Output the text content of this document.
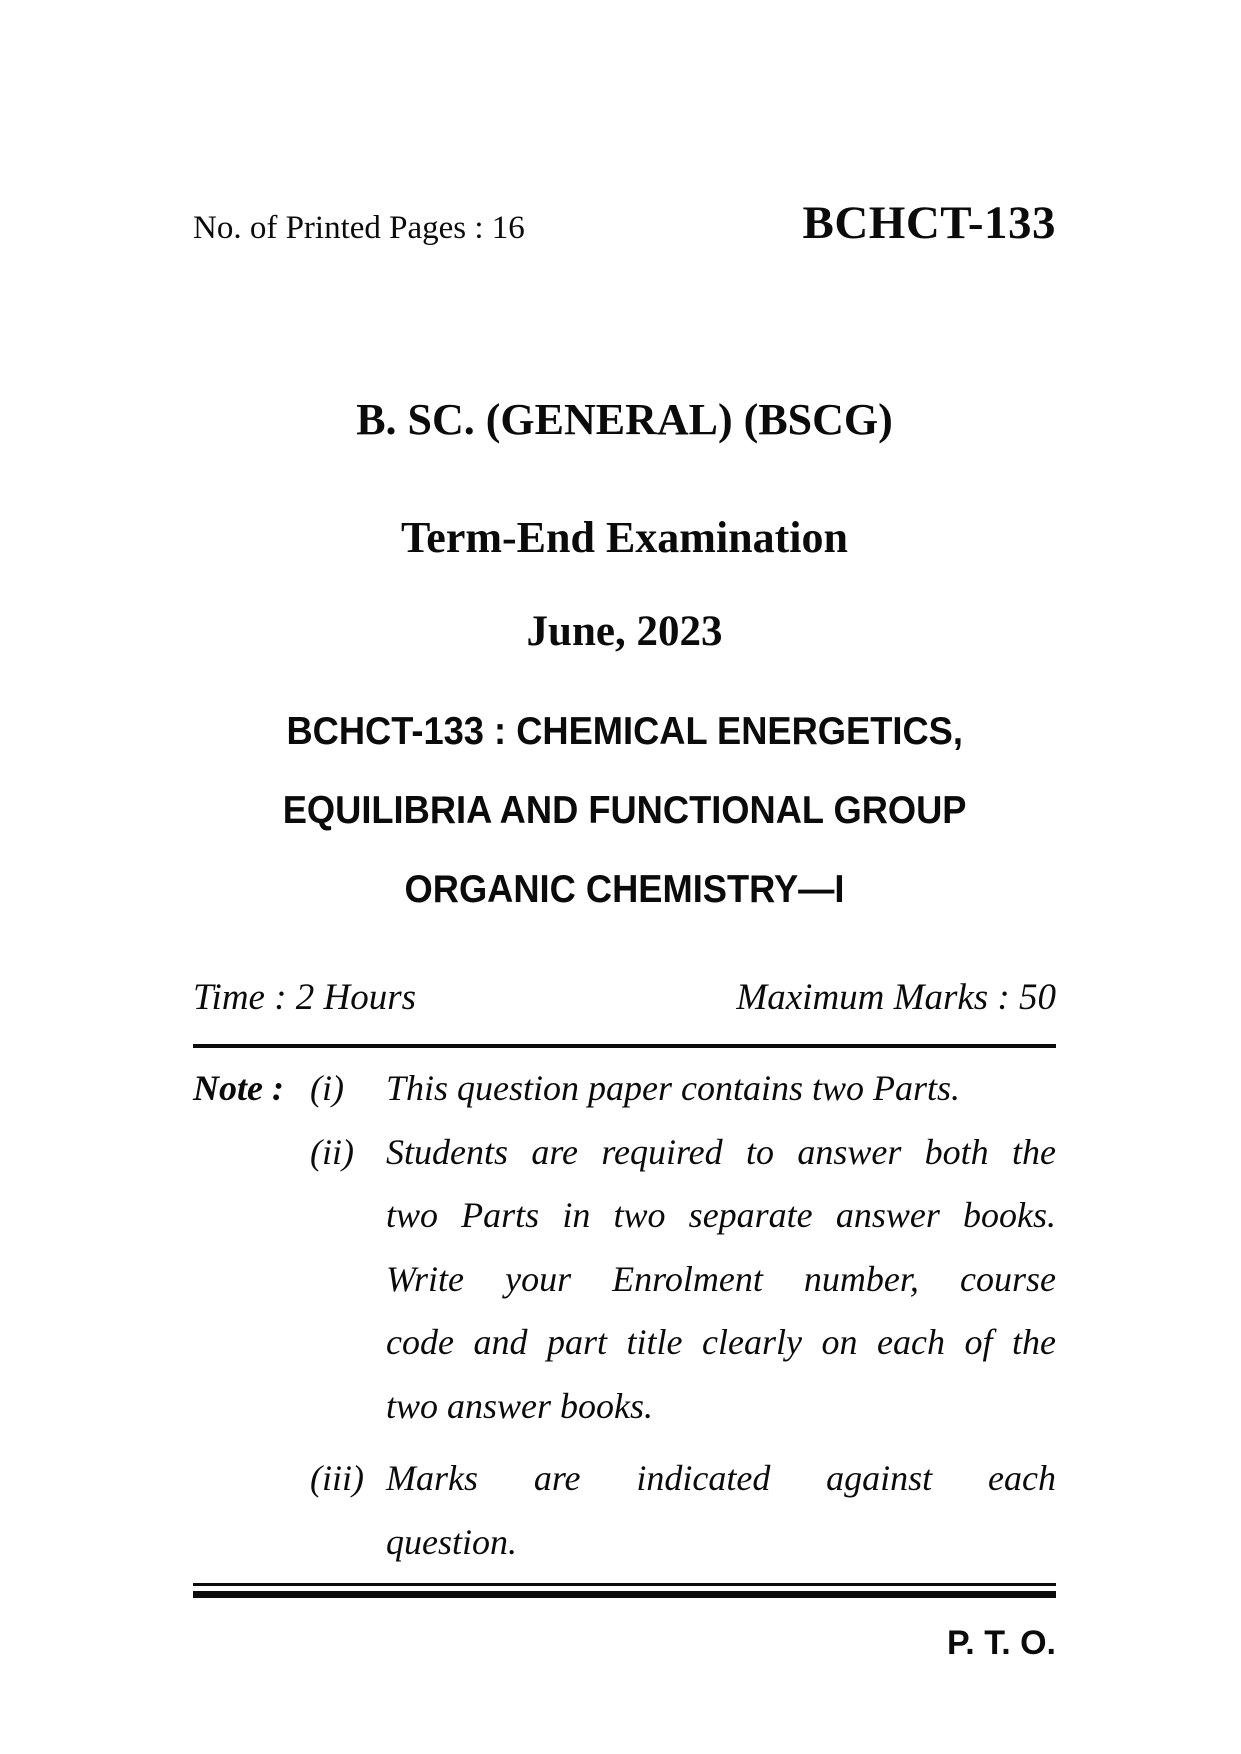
No. of Printed Pages : 16	BCHCT-133
B. SC. (GENERAL) (BSCG)
Term-End Examination
June, 2023
BCHCT-133 : CHEMICAL ENERGETICS,
EQUILIBRIA AND FUNCTIONAL GROUP
ORGANIC CHEMISTRY—I
Time : 2 Hours	Maximum Marks : 50
Note : (i)	This question paper contains two Parts.
(ii) Students are required to answer both the
two Parts in two separate answer books.
Write your Enrolment number, course
code and part title clearly on each of the
two answer books.
(iii) Marks are indicated against each
question.
P. T. O.
